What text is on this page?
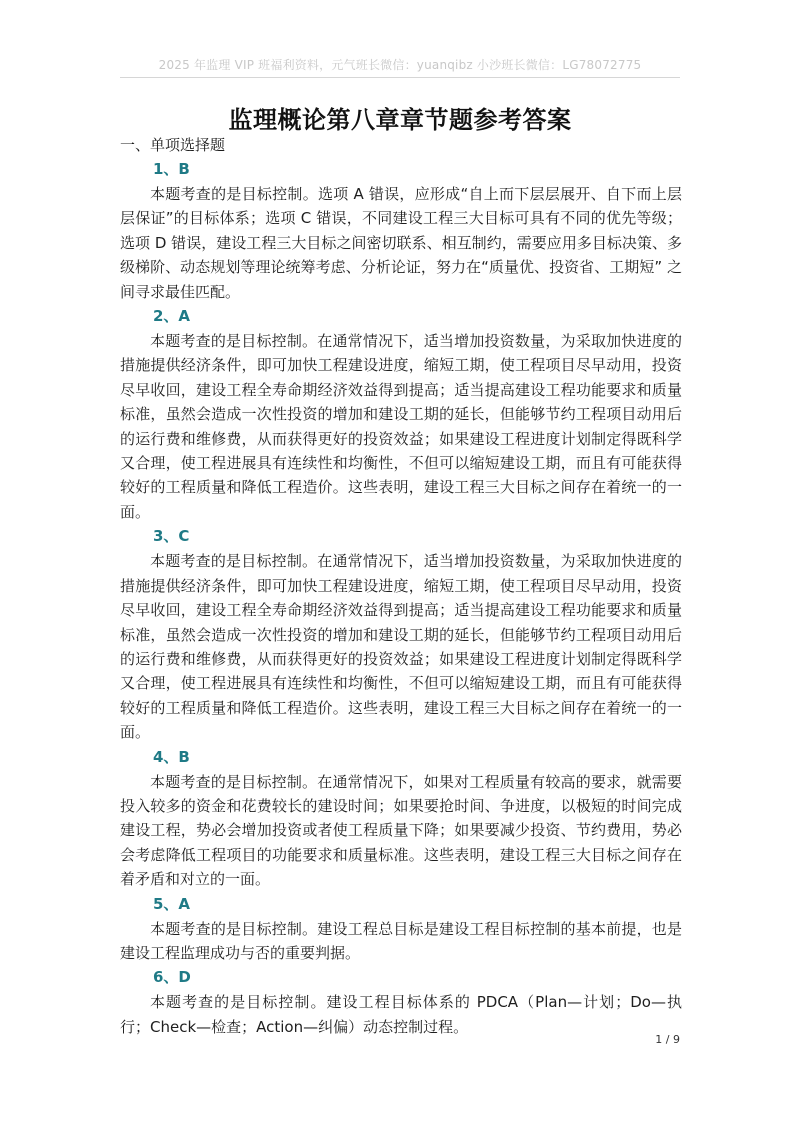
2025 年监理 VIP 班福利资料，元气班长微信：yuanqibz 小沙班长微信：LG78072775
监理概论第八章章节题参考答案
一、单项选择题
1、B

本题考查的是目标控制。选项 A 错误，应形成“自上而下层层展开、自下而上层层保证”的目标体系；选项 C 错误，不同建设工程三大目标可具有不同的优先等级；选项 D 错误，建设工程三大目标之间密切联系、相互制约，需要应用多目标决策、多级梯阶、动态规划等理论统筹考虑、分析论证，努力在“质量优、投资省、工期短” 之间寻求最佳匹配。

2、A

本题考查的是目标控制。在通常情况下，适当增加投资数量，为采取加快进度的措施提供经济条件，即可加快工程建设进度，缩短工期，使工程项目尽早动用，投资尽早收回，建设工程全寿命期经济效益得到提高；适当提高建设工程功能要求和质量标准，虽然会造成一次性投资的增加和建设工期的延长，但能够节约工程项目动用后的运行费和维修费，从而获得更好的投资效益；如果建设工程进度计划制定得既科学又合理，使工程进展具有连续性和均衡性，不但可以缩短建设工期，而且有可能获得较好的工程质量和降低工程造价。这些表明，建设工程三大目标之间存在着统一的一面。

3、C

本题考查的是目标控制。在通常情况下，适当增加投资数量，为采取加快进度的措施提供经济条件，即可加快工程建设进度，缩短工期，使工程项目尽早动用，投资尽早收回，建设工程全寿命期经济效益得到提高；适当提高建设工程功能要求和质量标准，虽然会造成一次性投资的增加和建设工期的延长，但能够节约工程项目动用后的运行费和维修费，从而获得更好的投资效益；如果建设工程进度计划制定得既科学又合理，使工程进展具有连续性和均衡性，不但可以缩短建设工期，而且有可能获得较好的工程质量和降低工程造价。这些表明，建设工程三大目标之间存在着统一的一面。

4、B

本题考查的是目标控制。在通常情况下，如果对工程质量有较高的要求，就需要投入较多的资金和花费较长的建设时间；如果要抢时间、争进度，以极短的时间完成建设工程，势必会增加投资或者使工程质量下降；如果要减少投资、节约费用，势必会考虑降低工程项目的功能要求和质量标准。这些表明，建设工程三大目标之间存在着矛盾和对立的一面。

5、A

本题考查的是目标控制。建设工程总目标是建设工程目标控制的基本前提，也是建设工程监理成功与否的重要判据。

6、D

本题考查的是目标控制。建设工程目标体系的 PDCA（Plan—计划；Do—执行；Check—检查；Action—纠偏）动态控制过程。

1 / 9
